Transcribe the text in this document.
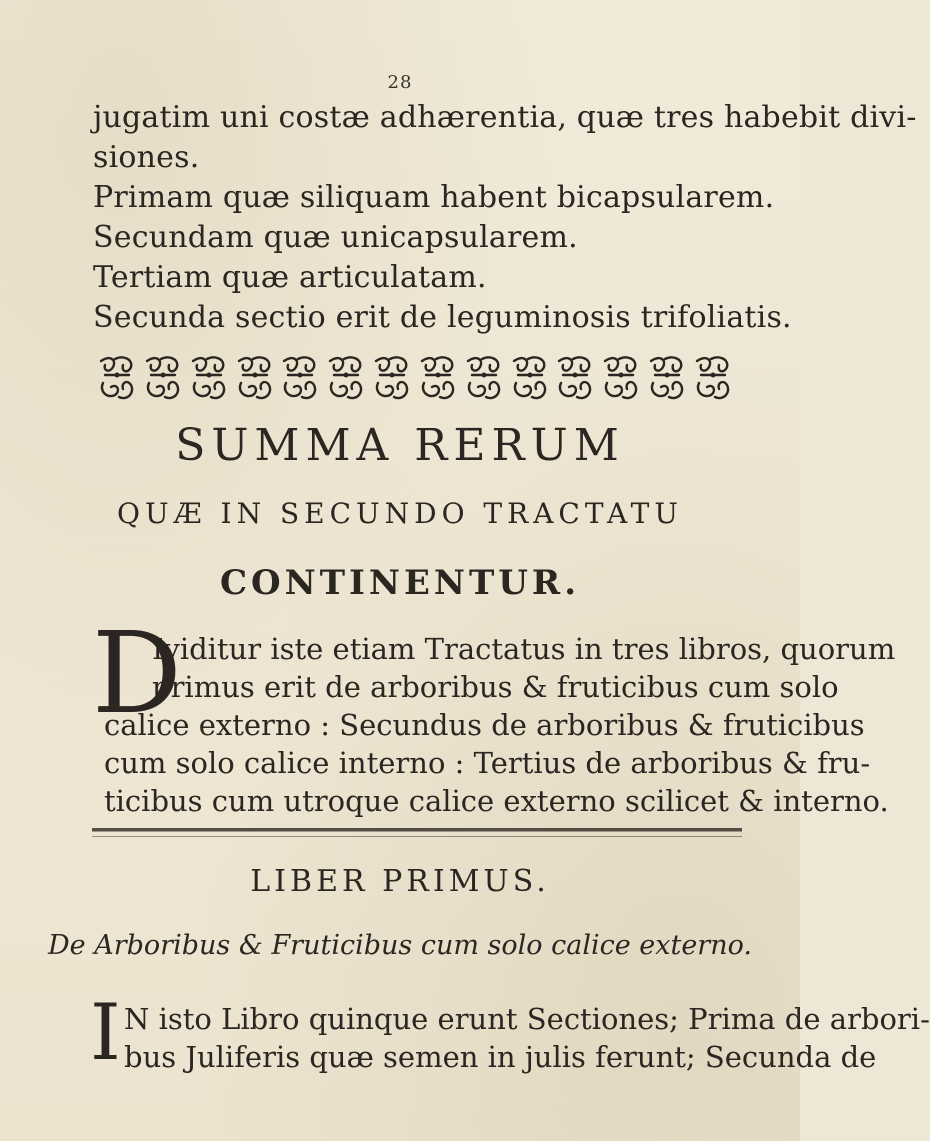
28
jugatim uni costæ adhærentia, quæ tres habebit divi-
siones.
Primam quæ siliquam habent bicapsularem.
Secundam quæ unicapsularem.
Tertiam quæ articulatam.
Secunda sectio erit de leguminosis trifoliatis.
SUMMA RERUM
QUÆ IN SECUNDO TRACTATU
CONTINENTUR.
D
Ividitur iste etiam Tractatus in tres libros, quorum
primus erit de arboribus & fruticibus cum solo
calice externo : Secundus de arboribus & fruticibus
cum solo calice interno : Tertius de arboribus & fru-
ticibus cum utroque calice externo scilicet & interno.
LIBER PRIMUS.
De Arboribus & Fruticibus cum solo calice externo.
I N isto Libro quinque erunt Sectiones; Prima de arbori-
bus Juliferis quæ semen in julis ferunt; Secunda de
